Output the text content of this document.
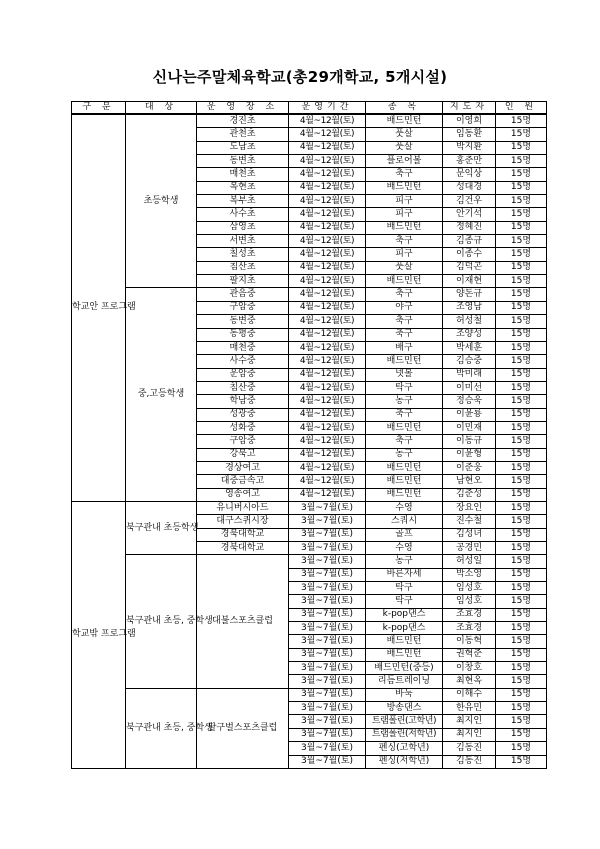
신나는주말체육학교(총29개학교, 5개시설)
구 분	대 상	운 영 장 소	운영기간	종 목	지도자	인 원
학교안 프로그램	초등학생	경진초	4월~12월(토)	배드민턴	이영희	15명
		관천초	4월~12월(토)	풋살	임동환	15명
		도남초	4월~12월(토)	풋살	박지환	15명
		동변초	4월~12월(토)	플로어볼	홍준만	15명
		매천초	4월~12월(토)	축구	문익상	15명
		복현초	4월~12월(토)	배드민턴	성대경	15명
		복부초	4월~12월(토)	피구	김건우	15명
		사수초	4월~12월(토)	피구	안기석	15명
		삼영초	4월~12월(토)	배드민턴	정혜진	15명
		서변초	4월~12월(토)	축구	김종규	15명
		칠성초	4월~12월(토)	피구	이종수	15명
		침산초	4월~12월(토)	풋살	김덕곤	15명
		팔지초	4월~12월(토)	배드민턴	이재현	15명
	중,고등학생	관음중	4월~12월(토)	축구	양돈규	15명
		구암중	4월~12월(토)	야구	조영남	15명
		동변중	4월~12월(토)	축구	허성철	15명
		동평중	4월~12월(토)	축구	조양성	15명
		매천중	4월~12월(토)	배구	박세훈	15명
		사수중	4월~12월(토)	배드민턴	김승중	15명
		운암중	4월~12월(토)	넷볼	박미래	15명
		침산중	4월~12월(토)	탁구	이미선	15명
		학남중	4월~12월(토)	농구	정승욱	15명
		성광중	4월~12월(토)	축구	이윤룡	15명
		성화중	4월~12월(토)	배드민턴	이민재	15명
		구암중	4월~12월(토)	축구	이동규	15명
		강북고	4월~12월(토)	농구	이윤형	15명
		경상여고	4월~12월(토)	배드민턴	이준웅	15명
		대중금속고	4월~12월(토)	배드민턴	남현오	15명
		영송여고	4월~12월(토)	배드민턴	김준성	15명
학교밖 프로그램	북구관내 초등학생	유니버시아드	3월~7월(토)	수영	장요인	15명
		대구스퀴시장	3월~7월(토)	스쿼시	진수철	15명
		경북대학교	3월~7월(토)	골프	김성녀	15명
		경북대학교	3월~7월(토)	수영	공경민	15명
	북구관내 초등, 중학생	대불스포츠클럽	3월~7월(토)	농구	허성일	15명
			3월~7월(토)	바른자세	박소영	15명
			3월~7월(토)	탁구	임성호	15명
			3월~7월(토)	탁구	임성호	15명
			3월~7월(토)	k-pop댄스	조효경	15명
			3월~7월(토)	k-pop댄스	조효경	15명
			3월~7월(토)	배드민턴	이동혁	15명
			3월~7월(토)	배드민턴	권혁준	15명
			3월~7월(토)	배드민턴(중등)	이창호	15명
			3월~7월(토)	리듬트레이닝	최현옥	15명
	북구관내 초등, 중학생	달구벌스포츠클럽	3월~7월(토)	바둑	이해수	15명
			3월~7월(토)	방송댄스	한유민	15명
			3월~7월(토)	트램폴린(고학년)	최지인	15명
			3월~7월(토)	트램폴린(저학년)	최지인	15명
			3월~7월(토)	펜싱(고학년)	김동진	15명
			3월~7월(토)	펜싱(저학년)	김동진	15명
